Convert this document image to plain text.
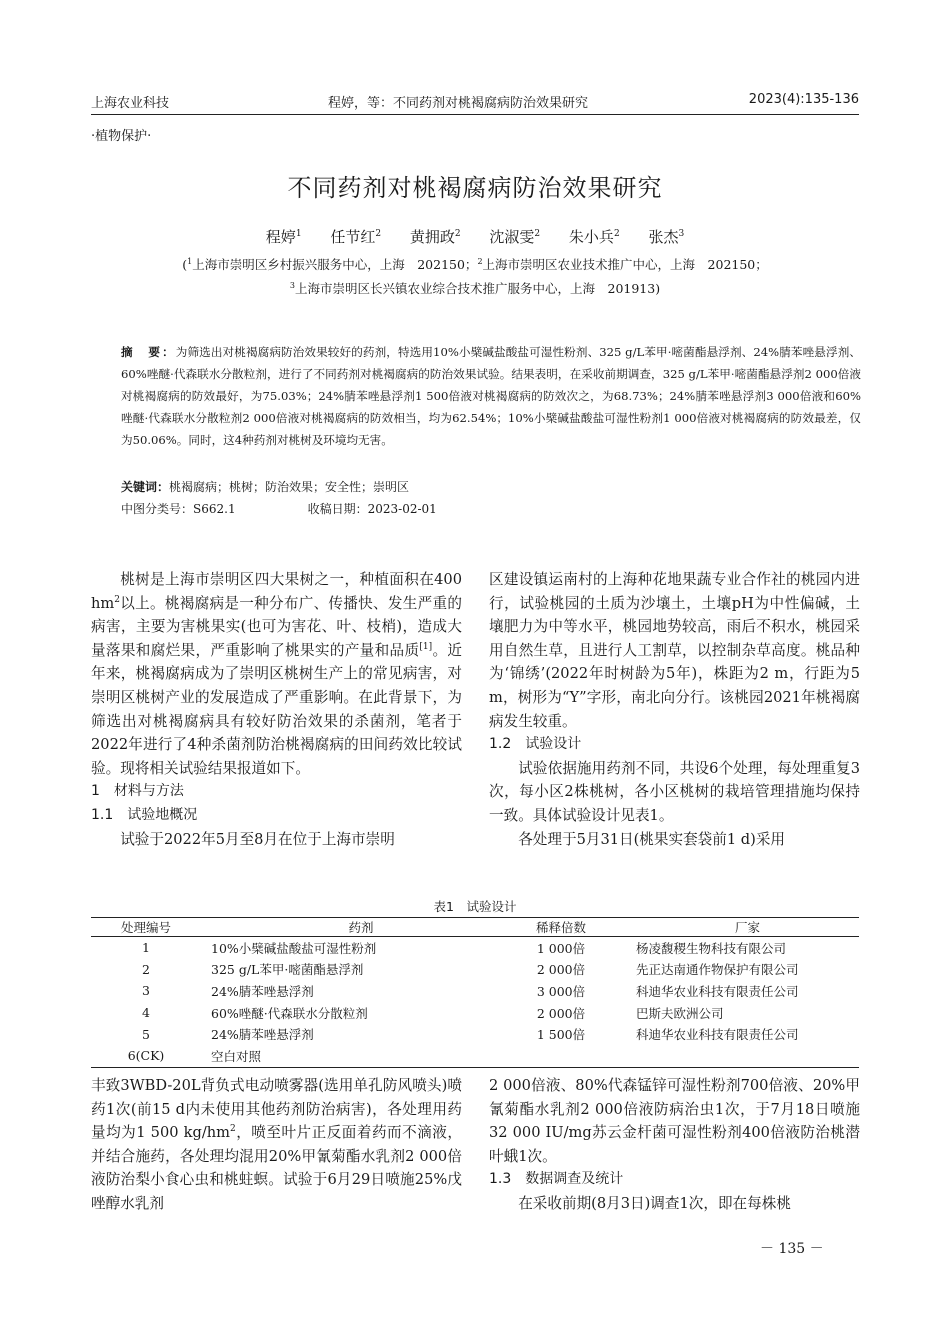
上海农业科技	程婷，等：不同药剂对桃褐腐病防治效果研究	2023(4):135-136
·植物保护·
不同药剂对桃褐腐病防治效果研究
程婷$^1$ 任节红$^2$ 黄拥政$^2$ 沈淑雯$^2$ 朱小兵$^2$ 张杰$^3$
($^1$上海市崇明区乡村振兴服务中心，上海　202150；$^2$上海市崇明区农业技术推广中心，上海　202150；
$^3$上海市崇明区长兴镇农业综合技术推广服务中心，上海　201913)
摘　要：为筛选出对桃褐腐病防治效果较好的药剂，特选用10%小檗碱盐酸盐可湿性粉剂、325 g/L苯甲·嘧菌酯悬浮剂、24%腈苯唑悬浮剂、60%唑醚·代森联水分散粒剂，进行了不同药剂对桃褐腐病的防治效果试验。结果表明，在采收前期调查，325 g/L苯甲·嘧菌酯悬浮剂2 000倍液对桃褐腐病的防效最好，为75.03%；24%腈苯唑悬浮剂1 500倍液对桃褐腐病的防效次之，为68.73%；24%腈苯唑悬浮剂3 000倍液和60%唑醚·代森联水分散粒剂2 000倍液对桃褐腐病的防效相当，均为62.54%；10%小檗碱盐酸盐可湿性粉剂1 000倍液对桃褐腐病的防效最差，仅为50.06%。同时，这4种药剂对桃树及环境均无害。
关键词：桃褐腐病；桃树；防治效果；安全性；崇明区
中图分类号：S662.1	收稿日期：2023-02-01

桃树是上海市崇明区四大果树之一，种植面积在400 $hm^2$以上。桃褐腐病是一种分布广、传播快、发生严重的病害，主要为害桃果实(也可为害花、叶、枝梢)，造成大量落果和腐烂果，严重影响了桃果实的产量和品质[1]。近年来，桃褐腐病成为了崇明区桃树生产上的常见病害，对崇明区桃树产业的发展造成了严重影响。在此背景下，为筛选出对桃褐腐病具有较好防治效果的杀菌剂，笔者于2022年进行了4种杀菌剂防治桃褐腐病的田间药效比较试验。现将相关试验结果报道如下。

1　材料与方法

1.1　试验地概况

试验于2022年5月至8月在位于上海市崇明

区建设镇运南村的上海种花地果蔬专业合作社的桃园内进行，试验桃园的土质为沙壤土，土壤pH为中性偏碱，土壤肥力为中等水平，桃园地势较高，雨后不积水，桃园采用自然生草，且进行人工割草，以控制杂草高度。桃品种为‘锦绣’(2022年时树龄为5年)，株距为2 m，行距为5 m，树形为“Y”字形，南北向分行。该桃园2021年桃褐腐病发生较重。

1.2　试验设计

试验依据施用药剂不同，共设6个处理，每处理重复3次，每小区2株桃树，各小区桃树的栽培管理措施均保持一致。具体试验设计见表1。

各处理于5月31日(桃果实套袋前1 d)采用

表1　试验设计
处理编号	药剂	稀释倍数	厂家
1	10%小檗碱盐酸盐可湿性粉剂	1 000倍	杨凌馥稷生物科技有限公司
2	325 g/L苯甲·嘧菌酯悬浮剂	2 000倍	先正达南通作物保护有限公司
3	24%腈苯唑悬浮剂	3 000倍	科迪华农业科技有限责任公司
4	60%唑醚·代森联水分散粒剂	2 000倍	巴斯夫欧洲公司
5	24%腈苯唑悬浮剂	1 500倍	科迪华农业科技有限责任公司
6(CK)	空白对照		

丰致3WBD-20L背负式电动喷雾器(选用单孔防风喷头)喷药1次(前15 d内未使用其他药剂防治病害)，各处理用药量均为1 500 $kg/hm^2$，喷至叶片正反面着药而不滴液，并结合施药，各处理均混用20%甲氰菊酯水乳剂2 000倍液防治梨小食心虫和桃蛀螟。试验于6月29日喷施25%戊唑醇水乳剂

2 000倍液、80%代森锰锌可湿性粉剂700倍液、20%甲氰菊酯水乳剂2 000倍液防病治虫1次，于7月18日喷施32 000 IU/mg苏云金杆菌可湿性粉剂400倍液防治桃潜叶蛾1次。

1.3　数据调查及统计

在采收前期(8月3日)调查1次，即在每株桃

－ 135 －
